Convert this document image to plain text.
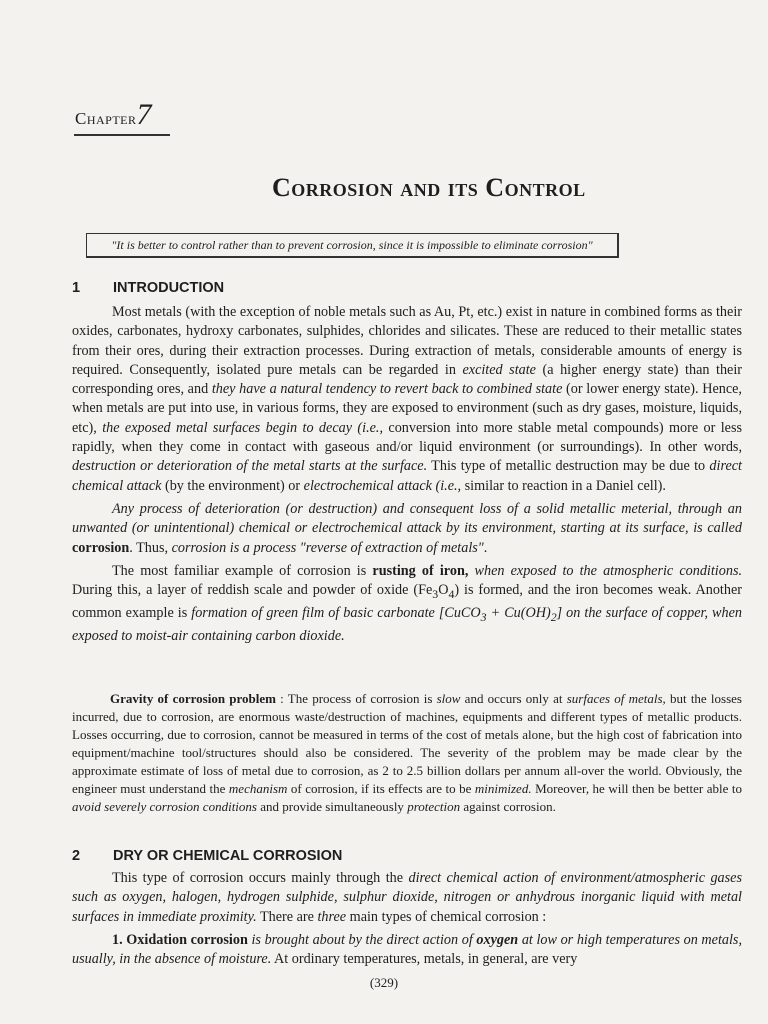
Chapter7
Corrosion and its Control
"It is better to control rather than to prevent corrosion, since it is impossible to eliminate corrosion"
1 INTRODUCTION

Most metals (with the exception of noble metals such as Au, Pt, etc.) exist in nature in combined forms as their oxides, carbonates, hydroxy carbonates, sulphides, chlorides and silicates. These are reduced to their metallic states from their ores, during their extraction processes. During extraction of metals, considerable amounts of energy is required. Consequently, isolated pure metals can be regarded in excited state (a higher energy state) than their corresponding ores, and they have a natural tendency to revert back to combined state (or lower energy state). Hence, when metals are put into use, in various forms, they are exposed to environment (such as dry gases, moisture, liquids, etc), the exposed metal surfaces begin to decay (i.e., conversion into more stable metal compounds) more or less rapidly, when they come in contact with gaseous and/or liquid environment (or surroundings). In other words, destruction or deterioration of the metal starts at the surface. This type of metallic destruction may be due to direct chemical attack (by the environment) or electrochemical attack (i.e., similar to reaction in a Daniel cell).

Any process of deterioration (or destruction) and consequent loss of a solid metallic meterial, through an unwanted (or unintentional) chemical or electrochemical attack by its environment, starting at its surface, is called corrosion. Thus, corrosion is a process "reverse of extraction of metals".

The most familiar example of corrosion is rusting of iron, when exposed to the atmospheric conditions. During this, a layer of reddish scale and powder of oxide $(Fe_3O_4)$ is formed, and the iron becomes weak. Another common example is formation of green film of basic carbonate [CuCO$_3$ + $Cu(OH)_2$] on the surface of copper, when exposed to moist-air containing carbon dioxide.

Gravity of corrosion problem : The process of corrosion is slow and occurs only at surfaces of metals, but the losses incurred, due to corrosion, are enormous waste/destruction of machines, equipments and different types of metallic products. Losses occurring, due to corrosion, cannot be measured in terms of the cost of metals alone, but the high cost of fabrication into equipment/machine tool/structures should also be considered. The severity of the problem may be made clear by the approximate estimate of loss of metal due to corrosion, as 2 to 2.5 billion dollars per annum all-over the world. Obviously, the engineer must understand the mechanism of corrosion, if its effects are to be minimized. Moreover, he will then be better able to avoid severely corrosion conditions and provide simultaneously protection against corrosion.

2 DRY OR CHEMICAL CORROSION

This type of corrosion occurs mainly through the direct chemical action of environment/atmospheric gases such as oxygen, halogen, hydrogen sulphide, sulphur dioxide, nitrogen or anhydrous inorganic liquid with metal surfaces in immediate proximity. There are three main types of chemical corrosion :

1. Oxidation corrosion is brought about by the direct action of oxygen at low or high temperatures on metals, usually, in the absence of moisture. At ordinary temperatures, metals, in general, are very

(329)
